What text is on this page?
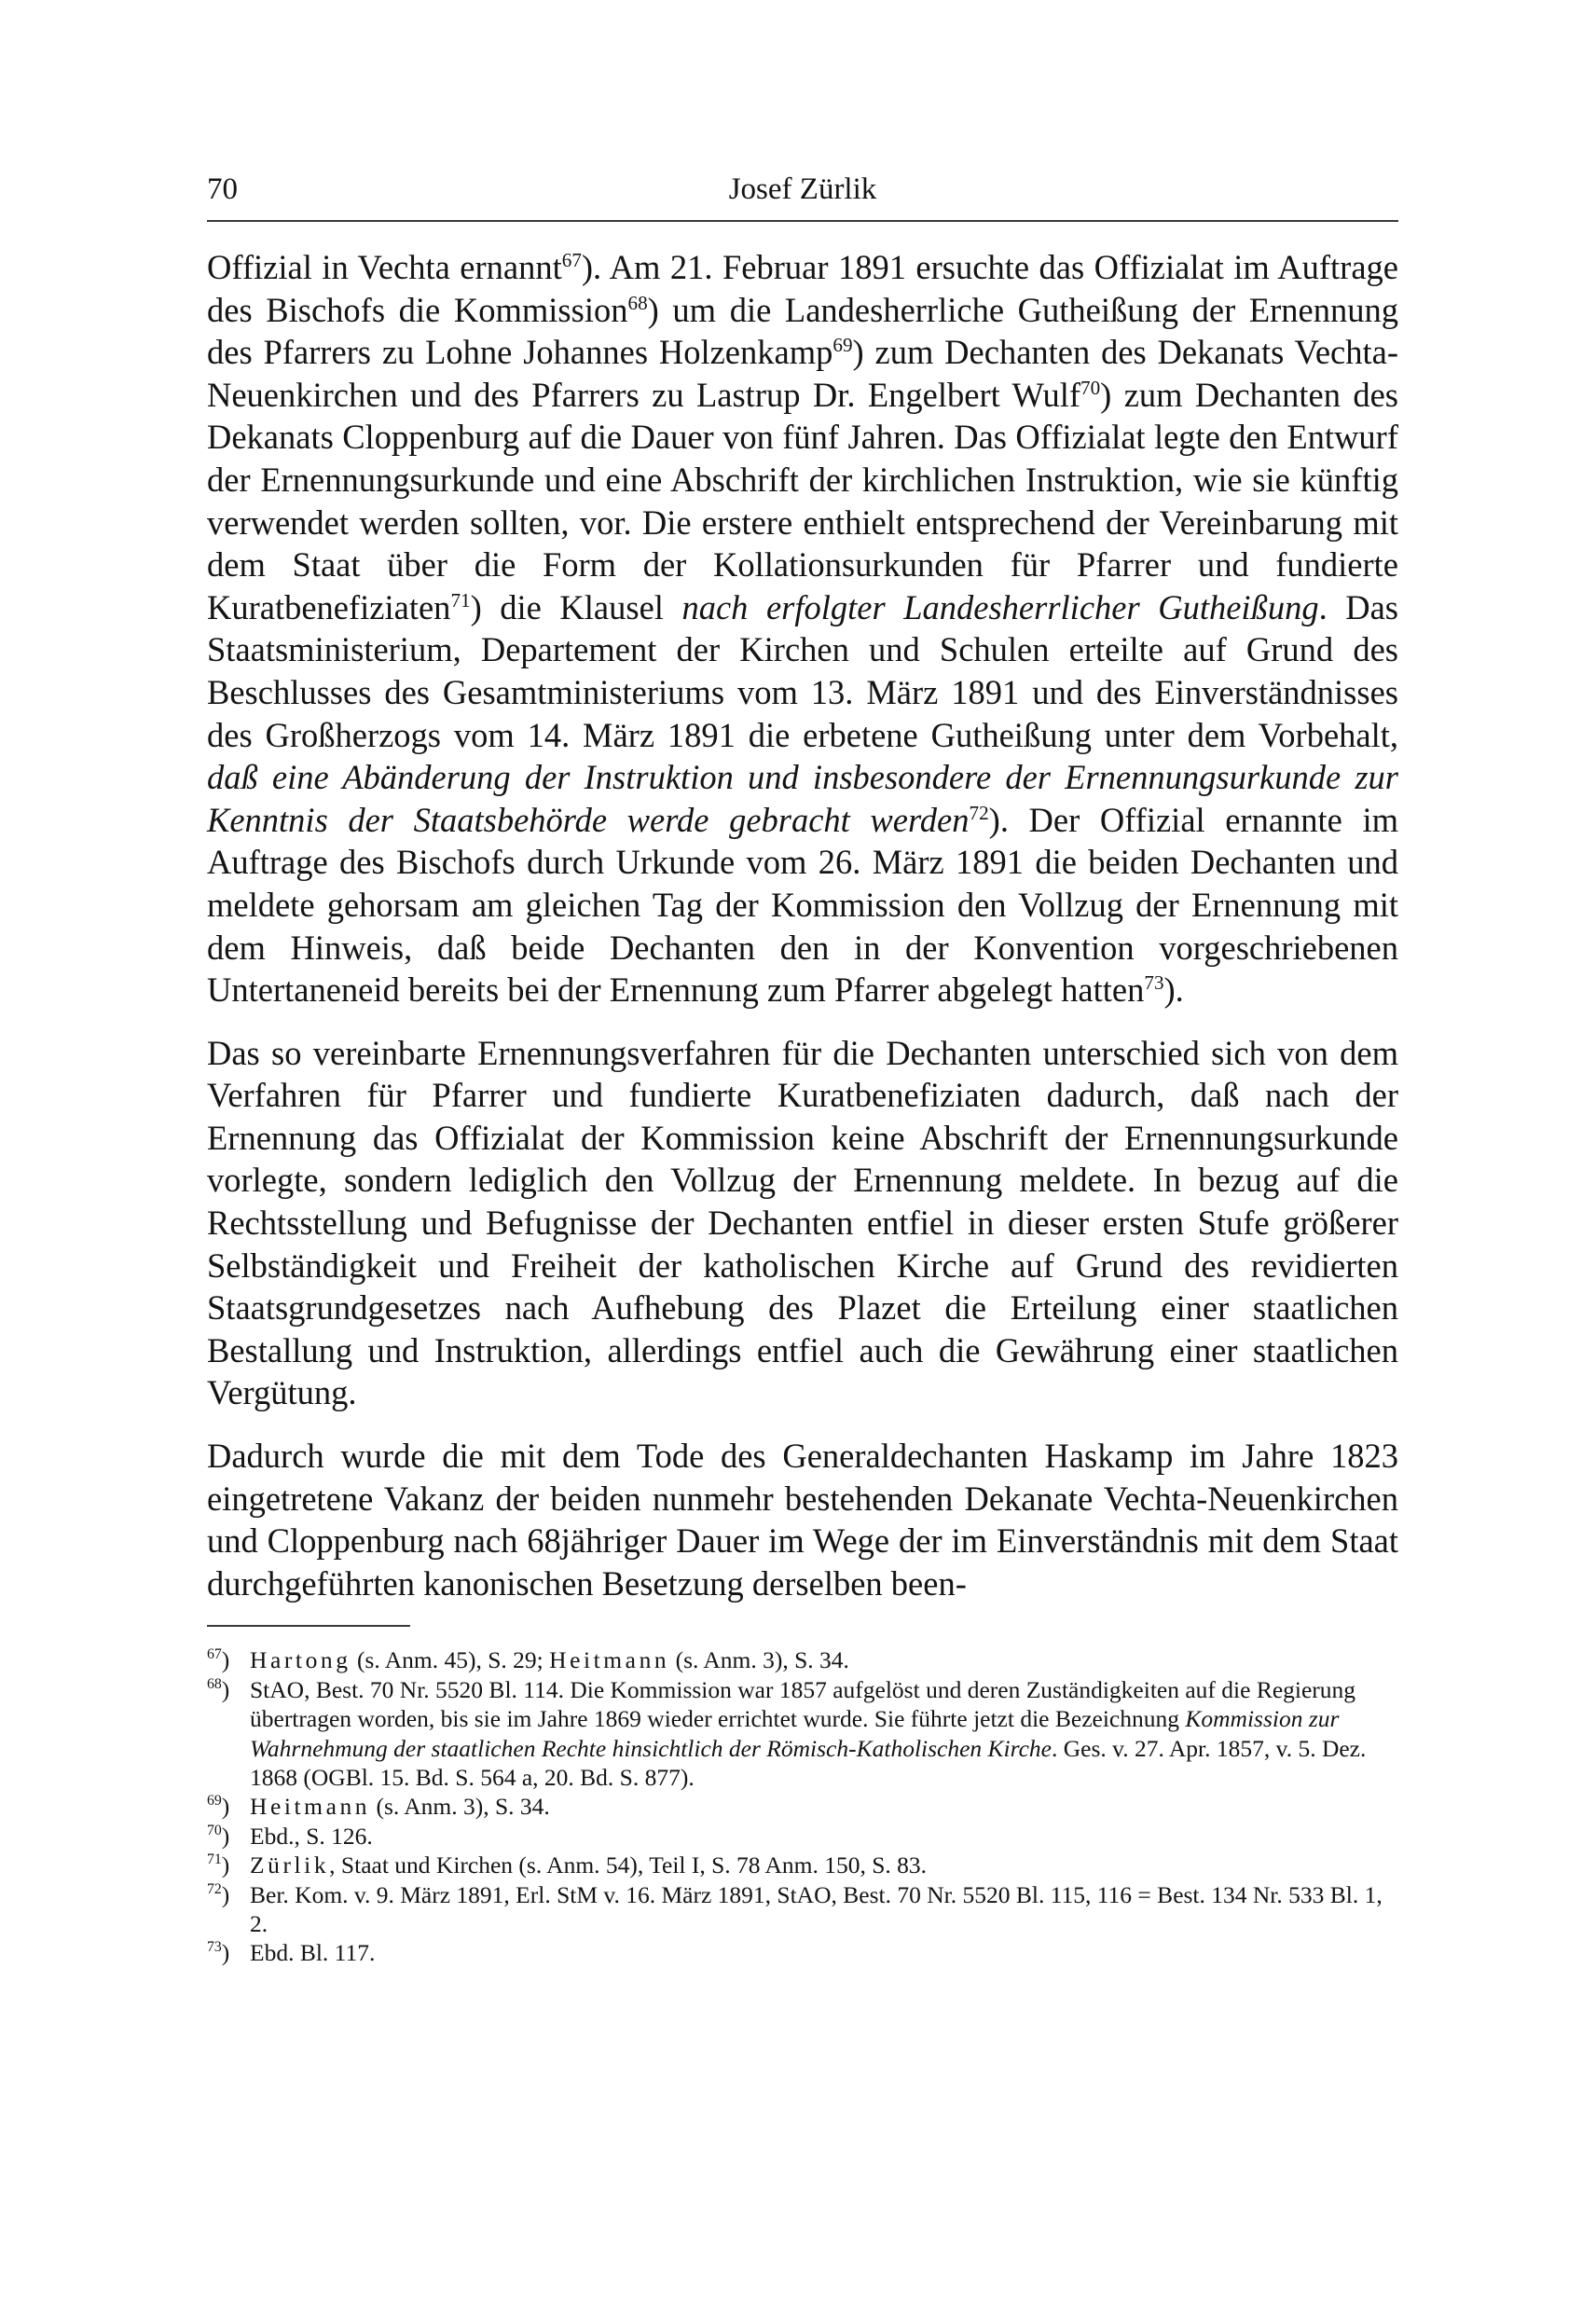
70	Josef Zürlik

Offizial in Vechta ernannt$^{67}$). Am 21. Februar 1891 ersuchte das Offizialat im Auftrage des Bischofs die Kommission$^{68}$) um die Landesherrliche Gutheißung der Ernennung des Pfarrers zu Lohne Johannes Holzenkamp$^{69}$) zum Dechanten des Dekanats Vechta-Neuenkirchen und des Pfarrers zu Lastrup Dr. Engelbert Wulf$^{70}$) zum Dechanten des Dekanats Cloppenburg auf die Dauer von fünf Jahren. Das Offizialat legte den Entwurf der Ernennungsurkunde und eine Abschrift der kirchlichen Instruktion, wie sie künftig verwendet werden sollten, vor. Die erstere enthielt entsprechend der Vereinbarung mit dem Staat über die Form der Kollationsurkunden für Pfarrer und fundierte Kuratbenefiziaten$^{71}$) die Klausel nach erfolgter Landesherrlicher Gutheißung. Das Staatsministerium, Departement der Kirchen und Schulen erteilte auf Grund des Beschlusses des Gesamtministeriums vom 13. März 1891 und des Einverständnisses des Großherzogs vom 14. März 1891 die erbetene Gutheißung unter dem Vorbehalt, daß eine Abänderung der Instruktion und insbesondere der Ernennungsurkunde zur Kenntnis der Staatsbehörde werde gebracht werden$^{72}$). Der Offizial ernannte im Auftrage des Bischofs durch Urkunde vom 26. März 1891 die beiden Dechanten und meldete gehorsam am gleichen Tag der Kommission den Vollzug der Ernennung mit dem Hinweis, daß beide Dechanten den in der Konvention vorgeschriebenen Untertaneneid bereits bei der Ernennung zum Pfarrer abgelegt hatten$^{73}$).

Das so vereinbarte Ernennungsverfahren für die Dechanten unterschied sich von dem Verfahren für Pfarrer und fundierte Kuratbenefiziaten dadurch, daß nach der Ernennung das Offizialat der Kommission keine Abschrift der Ernennungsurkunde vorlegte, sondern lediglich den Vollzug der Ernennung meldete. In bezug auf die Rechtsstellung und Befugnisse der Dechanten entfiel in dieser ersten Stufe größerer Selbständigkeit und Freiheit der katholischen Kirche auf Grund des revidierten Staatsgrundgesetzes nach Aufhebung des Plazet die Erteilung einer staatlichen Bestallung und Instruktion, allerdings entfiel auch die Gewährung einer staatlichen Vergütung.

Dadurch wurde die mit dem Tode des Generaldechanten Haskamp im Jahre 1823 eingetretene Vakanz der beiden nunmehr bestehenden Dekanate Vechta-Neuenkirchen und Cloppenburg nach 68jähriger Dauer im Wege der im Einverständnis mit dem Staat durchgeführten kanonischen Besetzung derselben been-

$^{67}$) Hartong (s. Anm. 45), S. 29; Heitmann (s. Anm. 3), S. 34.
$^{68}$) StAO, Best. 70 Nr. 5520 Bl. 114. Die Kommission war 1857 aufgelöst und deren Zuständigkeiten auf die Regierung übertragen worden, bis sie im Jahre 1869 wieder errichtet wurde. Sie führte jetzt die Bezeichnung Kommission zur Wahrnehmung der staatlichen Rechte hinsichtlich der Römisch-Katholischen Kirche. Ges. v. 27. Apr. 1857, v. 5. Dez. 1868 (OGBl. 15. Bd. S. 564 a, 20. Bd. S. 877).
$^{69}$) Heitmann (s. Anm. 3), S. 34.
$^{70}$) Ebd., S. 126.
$^{71}$) Zürlik, Staat und Kirchen (s. Anm. 54), Teil I, S. 78 Anm. 150, S. 83.
$^{72}$) Ber. Kom. v. 9. März 1891, Erl. StM v. 16. März 1891, StAO, Best. 70 Nr. 5520 Bl. 115, 116 = Best. 134 Nr. 533 Bl. 1, 2.
$^{73}$) Ebd. Bl. 117.
